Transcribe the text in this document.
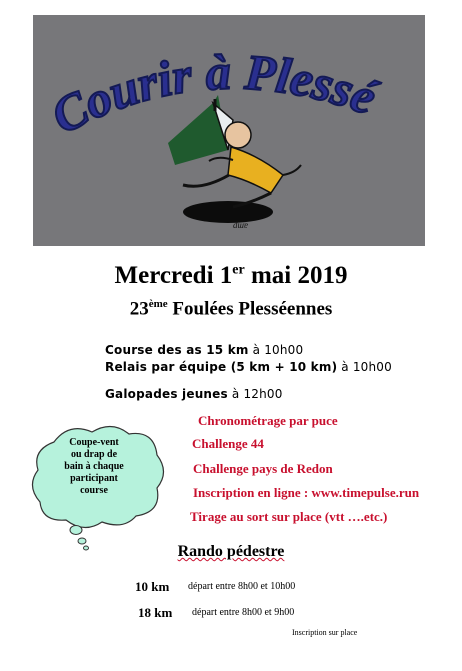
Courir à Plessé
ԁɯɐ
Mercredi 1er mai 2019
23ème Foulées Plesséennes
Course des as 15 km à 10h00
Relais par équipe (5 km + 10 km) à 10h00
Galopades jeunes à 12h00
Chronométrage par puce
Challenge 44
Challenge pays de Redon
Inscription en ligne : www.timepulse.run
Tirage au sort sur place (vtt ….etc.)
Coupe-vent
ou drap de
bain à chaque
participant
course
Rando pédestre
10 km départ entre 8h00 et 10h00
18 km départ entre 8h00 et 9h00
Inscription sur place
